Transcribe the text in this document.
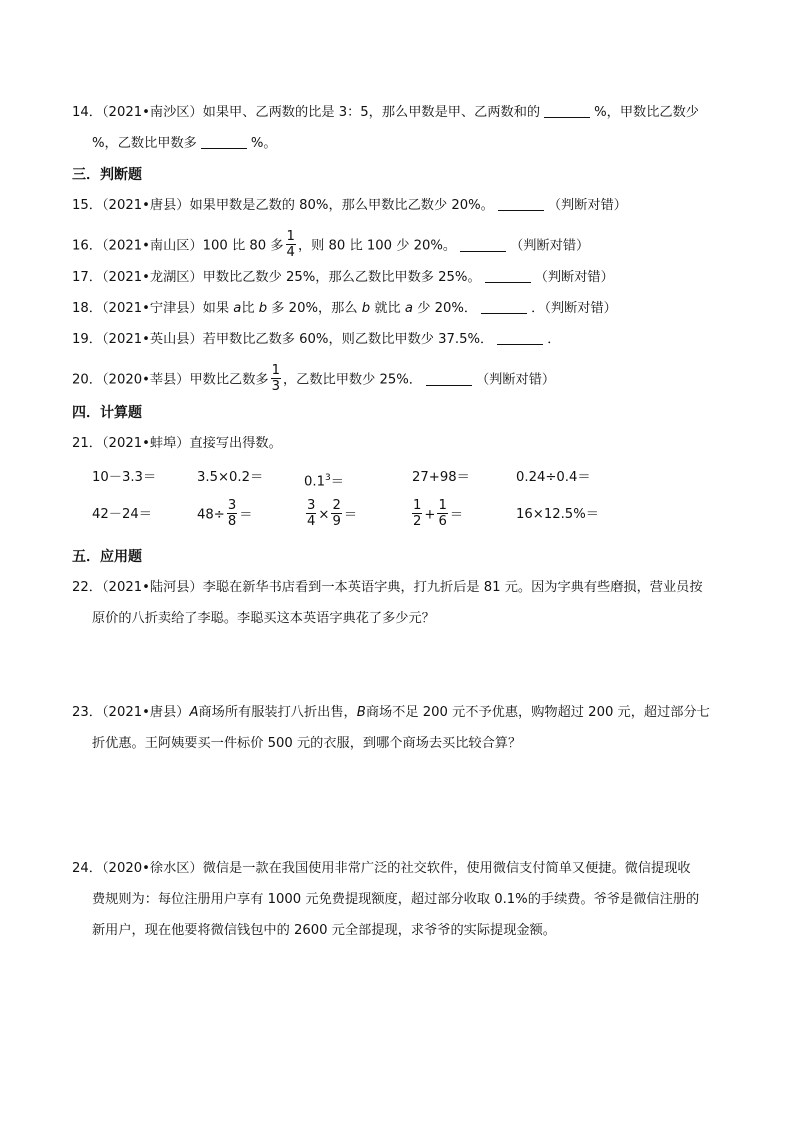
14．（2021•南沙区）如果甲、乙两数的比是 3：5，那么甲数是甲、乙两数和的	%，甲数比乙数少
%，乙数比甲数多	%。
三．判断题
15．（2021•唐县）如果甲数是乙数的 80%，那么甲数比乙数少 20%。	（判断对错）
16．（2021•南山区）100 比 80 多 $\frac{1}{4}$ ，则 80 比 100 少 20%。	（判断对错）
17．（2021•龙湖区）甲数比乙数少 25%，那么乙数比甲数多 25%。	（判断对错）
18．（2021•宁津县）如果 a比 b 多 20%，那么 b 就比 a 少 20%．	．（判断对错）
19．（2021•英山县）若甲数比乙数多 60%，则乙数比甲数少 37.5%．	．
20．（2020•莘县）甲数比乙数多 $\frac{1}{3}$ ，乙数比甲数少 25%．	（判断对错）
四．计算题
21．（2021•蚌埠）直接写出得数。
10－3.3＝	3.5×0.2＝	$0.1^3=$	27+98＝	0.24÷0.4＝
42－24＝	$48\div \frac{3}{8}$ ＝	$\frac{3}{4} \times \frac{2}{9}$ ＝	$\frac{1}{2} + \frac{1}{6}$ ＝	16×12.5%＝
五．应用题
22．（2021•陆河县）李聪在新华书店看到一本英语字典，打九折后是 81 元。因为字典有些磨损，营业员按
原价的八折卖给了李聪。李聪买这本英语字典花了多少元？
23．（2021•唐县）A商场所有服装打八折出售，B商场不足 200 元不予优惠，购物超过 200 元，超过部分七
折优惠。王阿姨要买一件标价 500 元的衣服，到哪个商场去买比较合算？
24．（2020•徐水区）微信是一款在我国使用非常广泛的社交软件，使用微信支付简单又便捷。微信提现收
费规则为：每位注册用户享有 1000 元免费提现额度，超过部分收取 0.1%的手续费。爷爷是微信注册的
新用户，现在他要将微信钱包中的 2600 元全部提现，求爷爷的实际提现金额。
